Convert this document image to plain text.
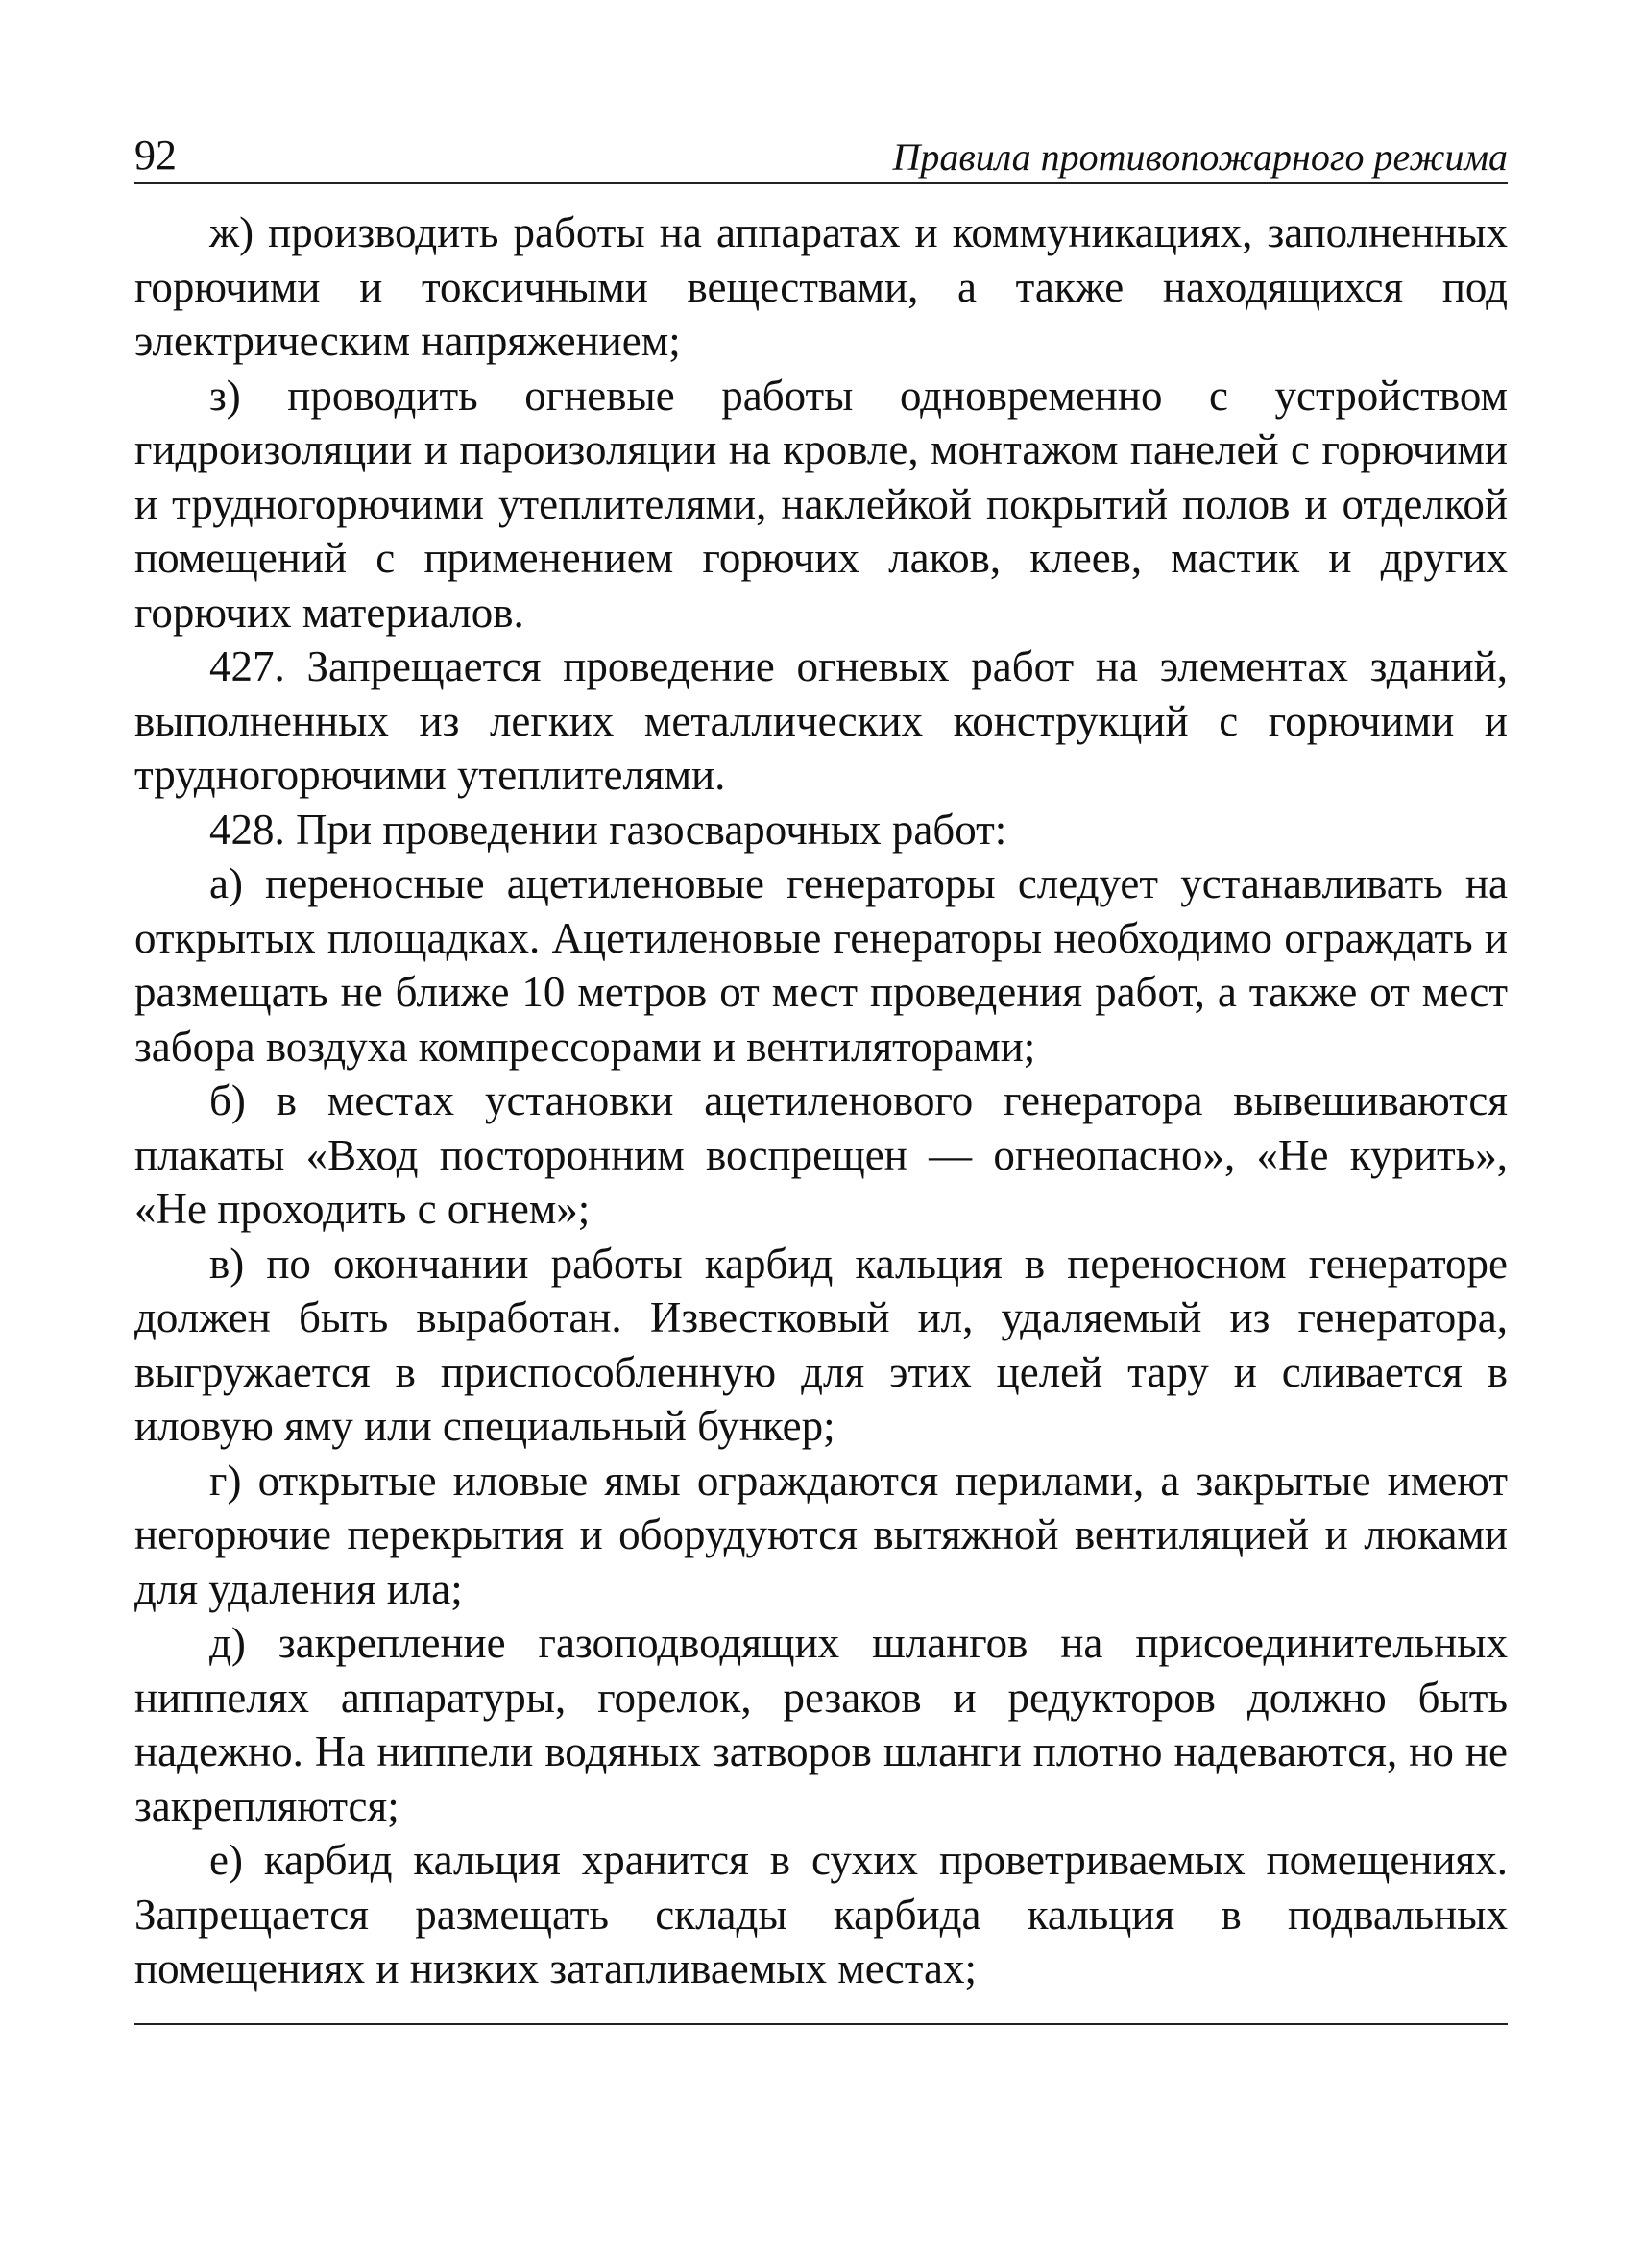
92	Правила противопожарного режима

ж) производить работы на аппаратах и коммуникациях, заполненных горючими и токсичными веществами, а также находящихся под электрическим напряжением;

з) проводить огневые работы одновременно с устройством гидроизоляции и пароизоляции на кровле, монтажом панелей с горючими и трудногорючими утеплителями, наклейкой покрытий полов и отделкой помещений с применением горючих лаков, клеев, мастик и других горючих материалов.

427. Запрещается проведение огневых работ на элементах зданий, выполненных из легких металлических конструкций с горючими и трудногорючими утеплителями.

428. При проведении газосварочных работ:

а) переносные ацетиленовые генераторы следует устанавливать на открытых площадках. Ацетиленовые генераторы необходимо ограждать и размещать не ближе 10 метров от мест проведения работ, а также от мест забора воздуха компрессорами и вентиляторами;

б) в местах установки ацетиленового генератора вывешиваются плакаты «Вход посторонним воспрещен — огнеопасно», «Не курить», «Не проходить с огнем»;

в) по окончании работы карбид кальция в переносном генераторе должен быть выработан. Известковый ил, удаляемый из генератора, выгружается в приспособленную для этих целей тару и сливается в иловую яму или специальный бункер;

г) открытые иловые ямы ограждаются перилами, а закрытые имеют негорючие перекрытия и оборудуются вытяжной вентиляцией и люками для удаления ила;

д) закрепление газоподводящих шлангов на присоединительных ниппелях аппаратуры, горелок, резаков и редукторов должно быть надежно. На ниппели водяных затворов шланги плотно надеваются, но не закрепляются;

е) карбид кальция хранится в сухих проветриваемых помещениях. Запрещается размещать склады карбида кальция в подвальных помещениях и низких затапливаемых местах;
